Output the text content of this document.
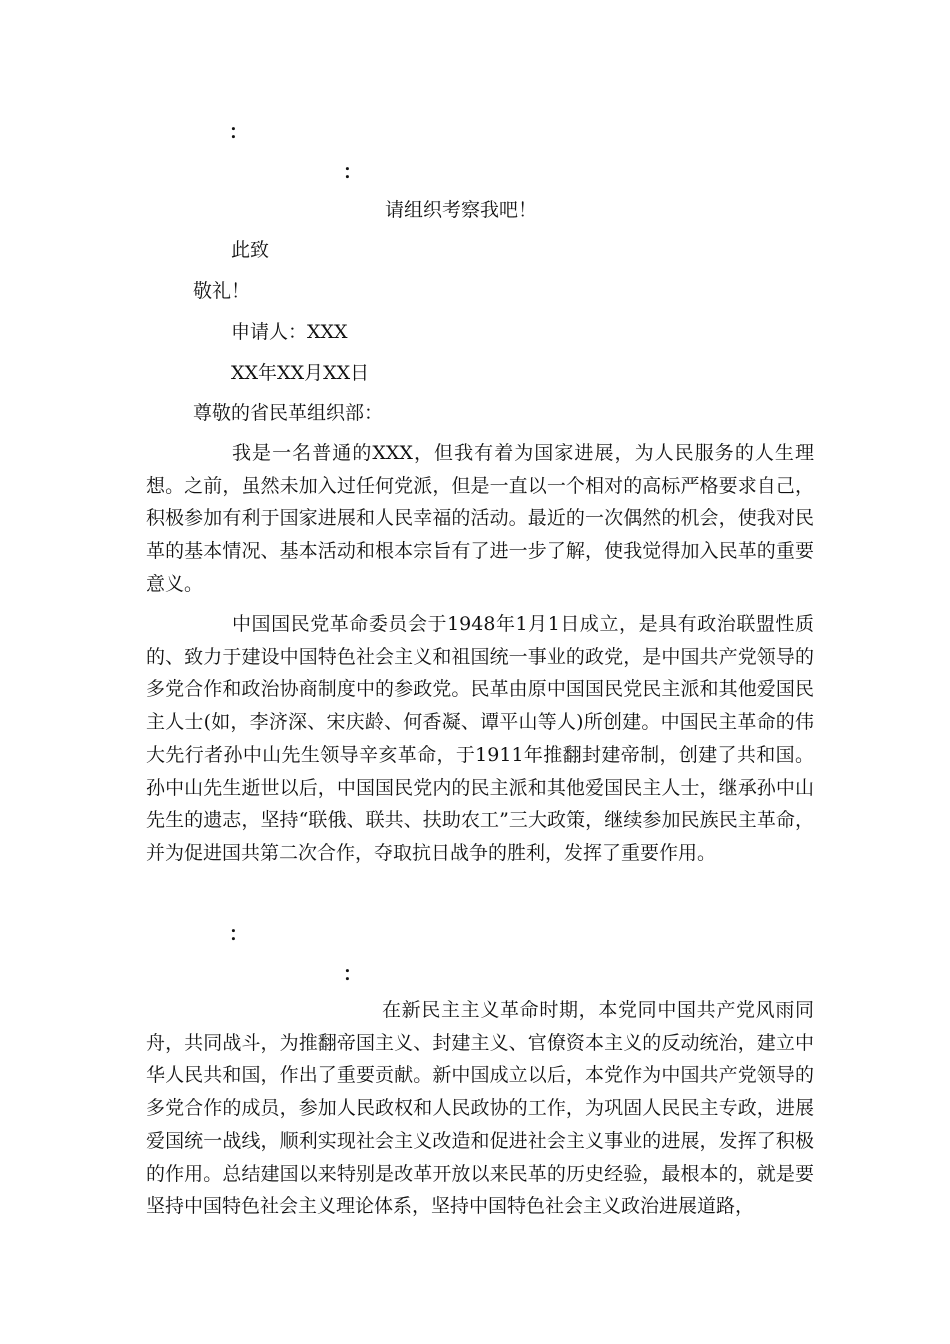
：
：
请组织考察我吧！
此致
敬礼！
申请人：XXX
XX年XX月XX日
尊敬的省民革组织部：

我是一名普通的XXX，但我有着为国家进展，为人民服务的人生理想。之前，虽然未加入过任何党派，但是一直以一个相对的高标严格要求自己，积极参加有利于国家进展和人民幸福的活动。最近的一次偶然的机会，使我对民革的基本情况、基本活动和根本宗旨有了进一步了解，使我觉得加入民革的重要意义。

中国国民党革命委员会于1948年1月1日成立，是具有政治联盟性质的、致力于建设中国特色社会主义和祖国统一事业的政党，是中国共产党领导的多党合作和政治协商制度中的参政党。民革由原中国国民党民主派和其他爱国民主人士(如，李济深、宋庆龄、何香凝、谭平山等人)所创建。中国民主革命的伟大先行者孙中山先生领导辛亥革命，于1911年推翻封建帝制，创建了共和国。孙中山先生逝世以后，中国国民党内的民主派和其他爱国民主人士，继承孙中山先生的遗志，坚持“联俄、联共、扶助农工”三大政策，继续参加民族民主革命，并为促进国共第二次合作，夺取抗日战争的胜利，发挥了重要作用。

：
：

在新民主主义革命时期，本党同中国共产党风雨同舟，共同战斗，为推翻帝国主义、封建主义、官僚资本主义的反动统治，建立中华人民共和国，作出了重要贡献。新中国成立以后，本党作为中国共产党领导的多党合作的成员，参加人民政权和人民政协的工作，为巩固人民民主专政，进展爱国统一战线，顺利实现社会主义改造和促进社会主义事业的进展，发挥了积极的作用。总结建国以来特别是改革开放以来民革的历史经验，最根本的，就是要坚持中国特色社会主义理论体系，坚持中国特色社会主义政治进展道路，
